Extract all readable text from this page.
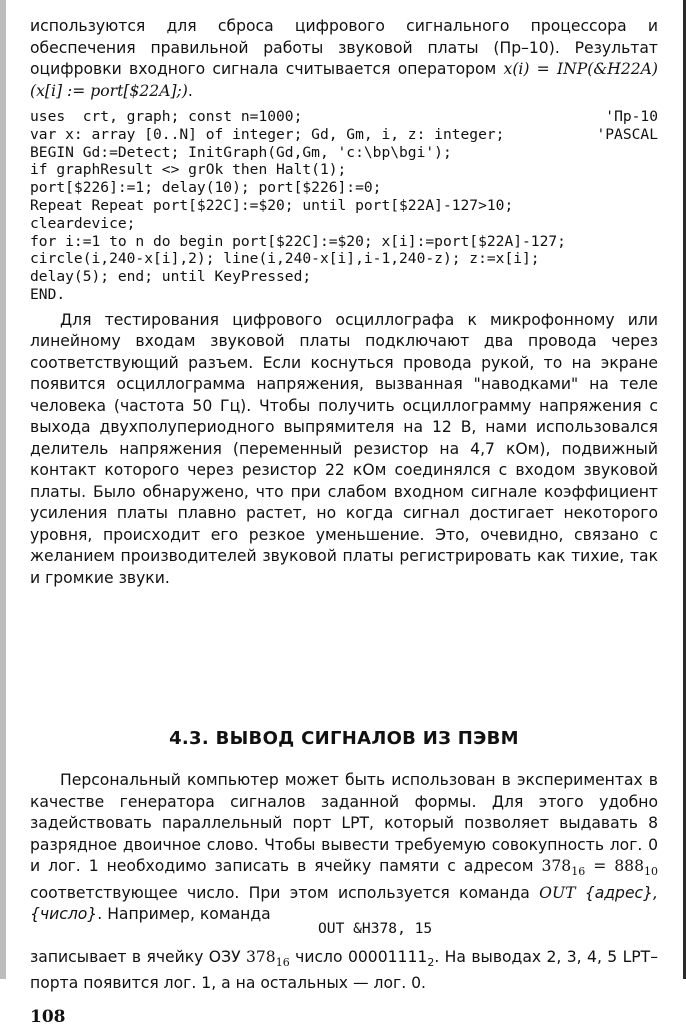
используются для сброса цифрового сигнального процессора и обеспечения правильной работы звуковой платы (Пр–10). Результат оцифровки входного сигнала считывается оператором x(i) = INP(&H22A) (x[i] := port[$22A];).

uses  crt, graph; const n=1000;	'Пр-10
var x: array [0..N] of integer; Gd, Gm, i, z: integer;	'PASCAL
BEGIN Gd:=Detect; InitGraph(Gd,Gm, 'c:\bp\bgi');
if graphResult <> grOk then Halt(1);
port[$226]:=1; delay(10); port[$226]:=0;
Repeat Repeat port[$22C]:=$20; until port[$22A]-127>10;
cleardevice;
for i:=1 to n do begin port[$22C]:=$20; x[i]:=port[$22A]-127;
circle(i,240-x[i],2); line(i,240-x[i],i-1,240-z); z:=x[i];
delay(5); end; until KeyPressed;
END.

Для тестирования цифрового осциллографа к микрофонному или линейному входам звуковой платы подключают два провода через соответствующий разъем. Если коснуться провода рукой, то на экране появится осциллограмма напряжения, вызванная "наводками" на теле человека (частота 50 Гц). Чтобы получить осциллограмму напряжения с выхода двухполупериодного выпрямителя на 12 В, нами использовался делитель напряжения (переменный резистор на 4,7 кОм), подвижный контакт которого через резистор 22 кОм соединялся с входом звуковой платы. Было обнаружено, что при слабом входном сигнале коэффициент усиления платы плавно растет, но когда сигнал достигает некоторого уровня, происходит его резкое уменьшение. Это, очевидно, связано с желанием производителей звуковой платы регистрировать как тихие, так и громкие звуки.

4.3. ВЫВОД СИГНАЛОВ ИЗ ПЭВМ

Персональный компьютер может быть использован в экспериментах в качестве генератора сигналов заданной формы. Для этого удобно задействовать параллельный порт LPT, который позволяет выдавать 8 разрядное двоичное слово. Чтобы вывести требуемую совокупность лог. 0 и лог. 1 необходимо записать в ячейку памяти с адресом $378_{16} = 888_{10}$ соответствующее число. При этом используется команда OUT {адрес}, {число}. Например, команда

OUT &H378, 15

записывает в ячейку ОЗУ $378_{16}$ число $00001111_2$. На выводах 2, 3, 4, 5 LPT–порта появится лог. 1, а на остальных — лог. 0.

108
